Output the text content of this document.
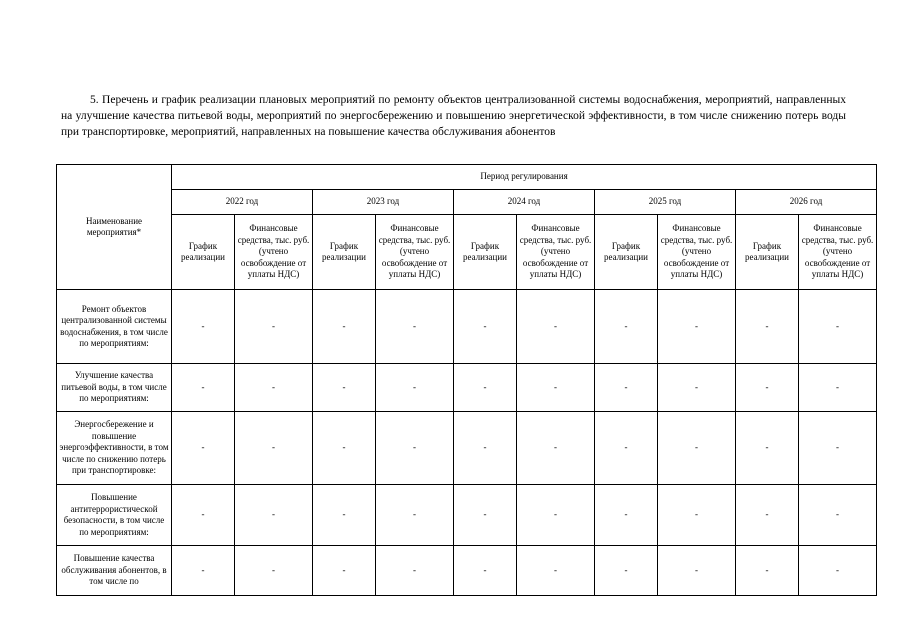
5. Перечень и график реализации плановых мероприятий по ремонту объектов централизованной системы водоснабжения, мероприятий, направленных на улучшение качества питьевой воды, мероприятий по энергосбережению и повышению энергетической эффективности, в том числе снижению потерь воды при транспортировке, мероприятий, направленных на повышение качества обслуживания абонентов

Наименование мероприятия*	Период регулирования									
	2022 год		2023 год		2024 год		2025 год		2026 год	
	График реализации	Финансовые средства, тыс. руб. (учтено освобождение от уплаты НДС)	График реализации	Финансовые средства, тыс. руб. (учтено освобождение от уплаты НДС)	График реализации	Финансовые средства, тыс. руб. (учтено освобождение от уплаты НДС)	График реализации	Финансовые средства, тыс. руб. (учтено освобождение от уплаты НДС)	График реализации	Финансовые средства, тыс. руб. (учтено освобождение от уплаты НДС)
Ремонт объектов централизованной системы водоснабжения, в том числе по мероприятиям:	-	-	-	-	-	-	-	-	-	-
Улучшение качества питьевой воды, в том числе по мероприятиям:	-	-	-	-	-	-	-	-	-	-
Энергосбережение и повышение энергоэффективности, в том числе по снижению потерь при транспортировке:	-	-	-	-	-	-	-	-	-	-
Повышение антитеррористической безопасности, в том числе по мероприятиям:	-	-	-	-	-	-	-	-	-	-
Повышение качества обслуживания абонентов, в том числе по	-	-	-	-	-	-	-	-	-	-
